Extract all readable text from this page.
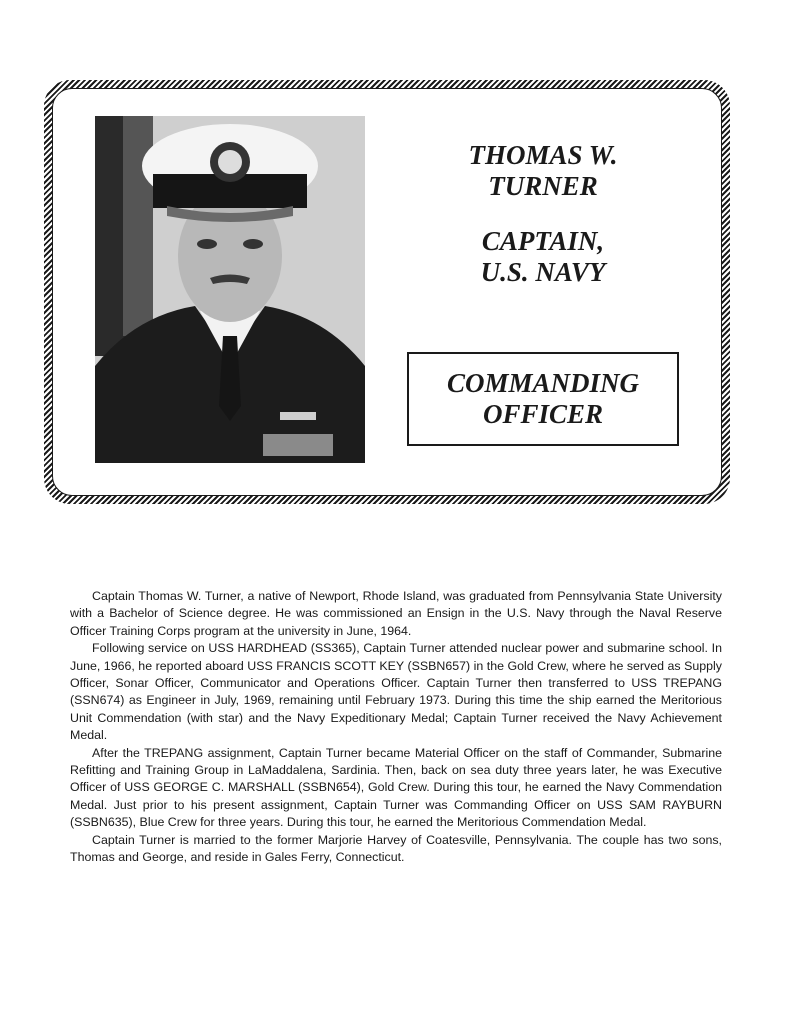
THOMAS W.
TURNER
CAPTAIN,
U.S. NAVY
COMMANDING
OFFICER

Captain Thomas W. Turner, a native of Newport, Rhode Island, was graduated from Pennsylvania State University with a Bachelor of Science degree. He was commissioned an Ensign in the U.S. Navy through the Naval Reserve Officer Training Corps program at the university in June, 1964.

Following service on USS HARDHEAD (SS365), Captain Turner attended nuclear power and submarine school. In June, 1966, he reported aboard USS FRANCIS SCOTT KEY (SSBN657) in the Gold Crew, where he served as Supply Officer, Sonar Officer, Communicator and Operations Officer. Captain Turner then transferred to USS TREPANG (SSN674) as Engineer in July, 1969, remaining until February 1973. During this time the ship earned the Meritorious Unit Commendation (with star) and the Navy Expeditionary Medal; Captain Turner received the Navy Achievement Medal.

After the TREPANG assignment, Captain Turner became Material Officer on the staff of Commander, Submarine Refitting and Training Group in LaMaddalena, Sardinia. Then, back on sea duty three years later, he was Executive Officer of USS GEORGE C. MARSHALL (SSBN654), Gold Crew. During this tour, he earned the Navy Commendation Medal. Just prior to his present assignment, Captain Turner was Commanding Officer on USS SAM RAYBURN (SSBN635), Blue Crew for three years. During this tour, he earned the Meritorious Commendation Medal.

Captain Turner is married to the former Marjorie Harvey of Coatesville, Pennsylvania. The couple has two sons, Thomas and George, and reside in Gales Ferry, Connecticut.
